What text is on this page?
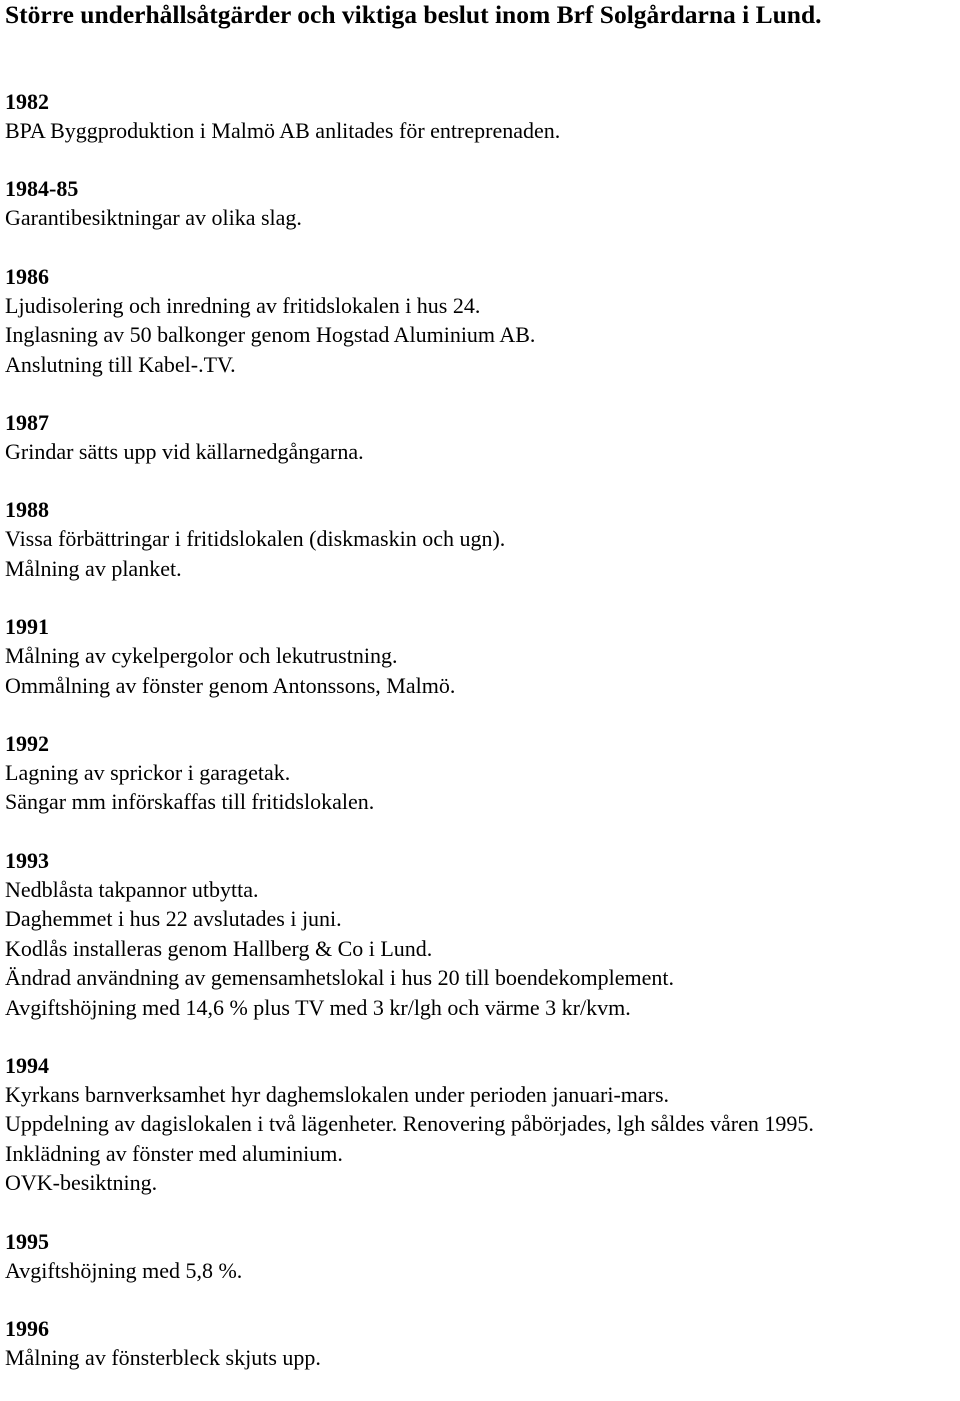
Större underhållsåtgärder och viktiga beslut inom Brf Solgårdarna i Lund.
1982
BPA Byggproduktion i Malmö AB anlitades för entreprenaden.
1984-85
Garantibesiktningar av olika slag.
1986
Ljudisolering och inredning av fritidslokalen i hus 24.
Inglasning av 50 balkonger genom Hogstad Aluminium AB.
Anslutning till Kabel-.TV.
1987
Grindar sätts upp vid källarnedgångarna.
1988
Vissa förbättringar i fritidslokalen (diskmaskin och ugn).
Målning av planket.
1991
Målning av cykelpergolor och lekutrustning.
Ommålning av fönster genom Antonssons, Malmö.
1992
Lagning av sprickor i garagetak.
Sängar mm införskaffas till fritidslokalen.
1993
Nedblåsta takpannor utbytta.
Daghemmet i hus 22 avslutades i juni.
Kodlås installeras genom Hallberg & Co i Lund.
Ändrad användning av gemensamhetslokal i hus 20 till boendekomplement.
Avgiftshöjning med 14,6 % plus TV med 3 kr/lgh och värme 3 kr/kvm.
1994
Kyrkans barnverksamhet hyr daghemslokalen under perioden januari-mars.
Uppdelning av dagislokalen i två lägenheter. Renovering påbörjades, lgh såldes våren 1995.
Inklädning av fönster med aluminium.
OVK-besiktning.
1995
Avgiftshöjning med 5,8 %.
1996
Målning av fönsterbleck skjuts upp.
